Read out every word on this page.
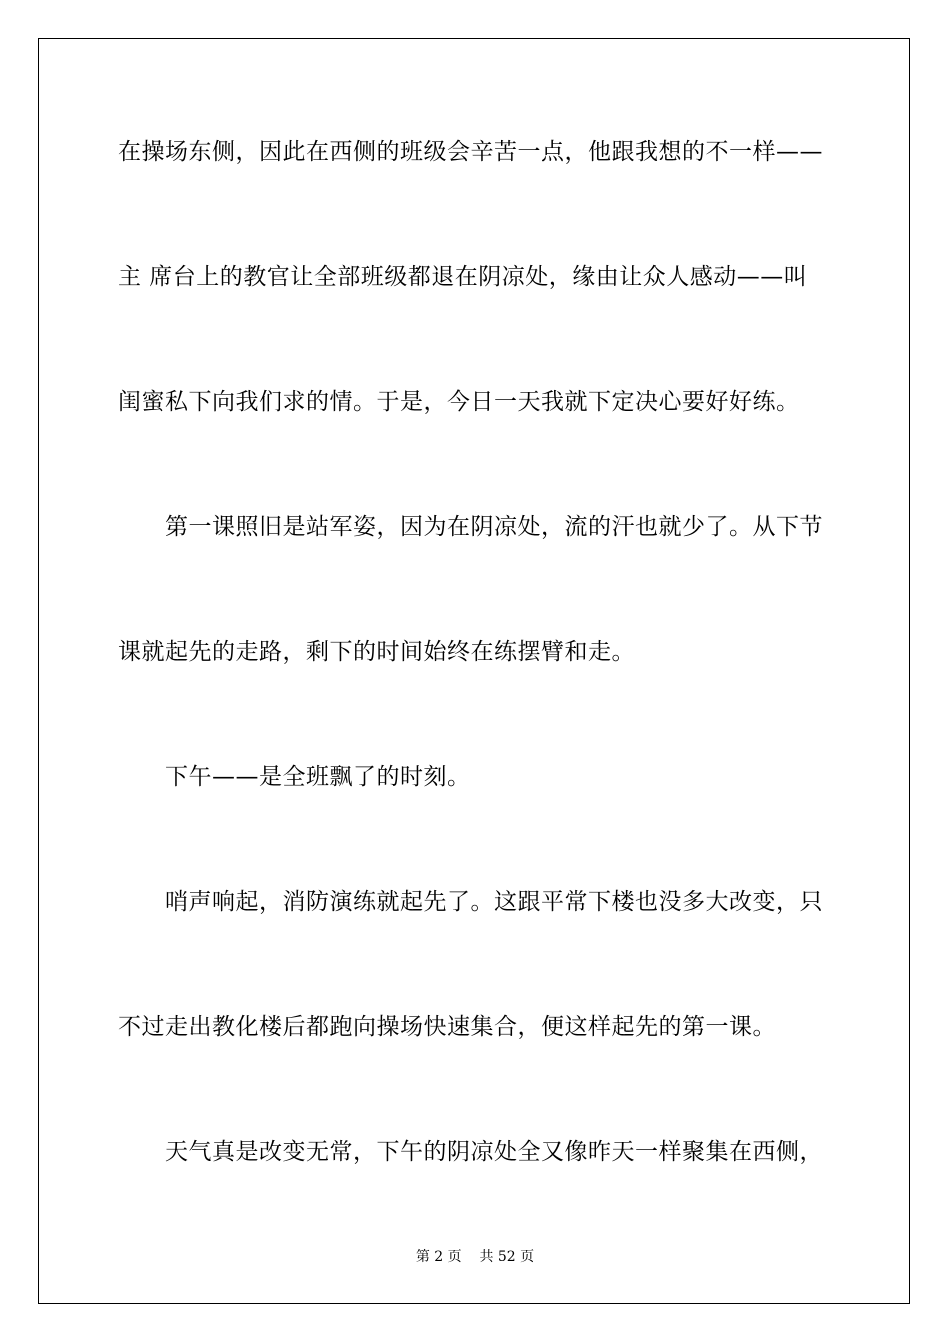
在操场东侧，因此在西侧的班级会辛苦一点，他跟我想的不一样——
主 席台上的教官让全部班级都退在阴凉处，缘由让众人感动——叫
闺蜜私下向我们求的情。于是，今日一天我就下定决心要好好练。
第一课照旧是站军姿，因为在阴凉处，流的汗也就少了。从下节
课就起先的走路，剩下的时间始终在练摆臂和走。
下午——是全班飘了的时刻。
哨声响起，消防演练就起先了。这跟平常下楼也没多大改变，只
不过走出教化楼后都跑向操场快速集合，便这样起先的第一课。
天气真是改变无常，下午的阴凉处全又像昨天一样聚集在西侧，
第 2 页 共 52 页
